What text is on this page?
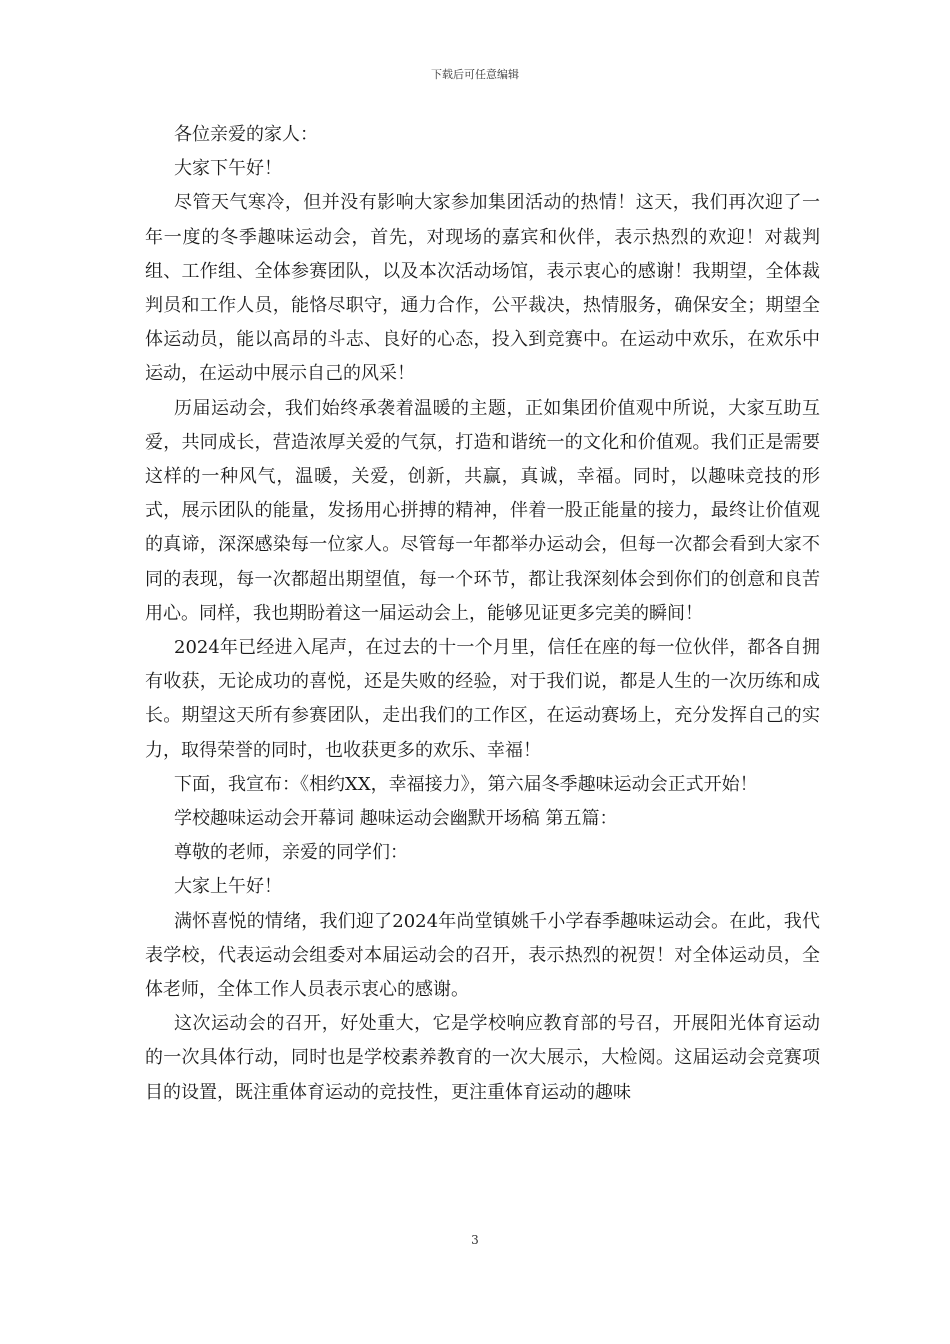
下载后可任意编辑

各位亲爱的家人：

大家下午好！

尽管天气寒冷，但并没有影响大家参加集团活动的热情！这天，我们再次迎了一年一度的冬季趣味运动会，首先，对现场的嘉宾和伙伴，表示热烈的欢迎！对裁判组、工作组、全体参赛团队，以及本次活动场馆，表示衷心的感谢！我期望，全体裁判员和工作人员，能恪尽职守，通力合作，公平裁决，热情服务，确保安全；期望全体运动员，能以高昂的斗志、良好的心态，投入到竞赛中。在运动中欢乐，在欢乐中运动，在运动中展示自己的风采！

历届运动会，我们始终承袭着温暖的主题，正如集团价值观中所说，大家互助互爱，共同成长，营造浓厚关爱的气氛，打造和谐统一的文化和价值观。我们正是需要这样的一种风气，温暖，关爱，创新，共赢，真诚，幸福。同时，以趣味竞技的形式，展示团队的能量，发扬用心拼搏的精神，伴着一股正能量的接力，最终让价值观的真谛，深深感染每一位家人。尽管每一年都举办运动会，但每一次都会看到大家不同的表现，每一次都超出期望值，每一个环节，都让我深刻体会到你们的创意和良苦用心。同样，我也期盼着这一届运动会上，能够见证更多完美的瞬间！

2024年已经进入尾声，在过去的十一个月里，信任在座的每一位伙伴，都各自拥有收获，无论成功的喜悦，还是失败的经验，对于我们说，都是人生的一次历练和成长。期望这天所有参赛团队，走出我们的工作区，在运动赛场上，充分发挥自己的实力，取得荣誉的同时，也收获更多的欢乐、幸福！

下面，我宣布：《相约XX，幸福接力》，第六届冬季趣味运动会正式开始！

学校趣味运动会开幕词 趣味运动会幽默开场稿 第五篇：

尊敬的老师，亲爱的同学们：

大家上午好！

满怀喜悦的情绪，我们迎了2024年尚堂镇姚千小学春季趣味运动会。在此，我代表学校，代表运动会组委对本届运动会的召开，表示热烈的祝贺！对全体运动员，全体老师，全体工作人员表示衷心的感谢。

这次运动会的召开，好处重大，它是学校响应教育部的号召，开展阳光体育运动的一次具体行动，同时也是学校素养教育的一次大展示，大检阅。这届运动会竞赛项目的设置，既注重体育运动的竞技性，更注重体育运动的趣味

3
